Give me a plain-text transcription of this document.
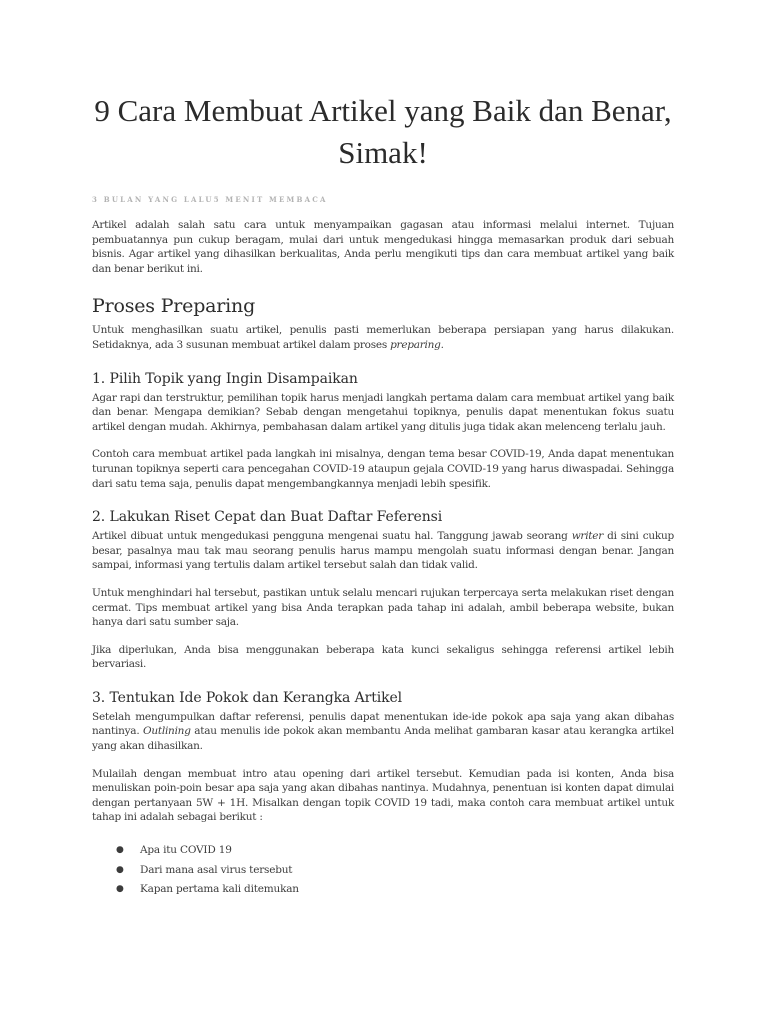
9 Cara Membuat Artikel yang Baik dan Benar, Simak!
3 BULAN YANG LALU5 MENIT MEMBACA

Artikel adalah salah satu cara untuk menyampaikan gagasan atau informasi melalui internet. Tujuan pembuatannya pun cukup beragam, mulai dari untuk mengedukasi hingga memasarkan produk dari sebuah bisnis. Agar artikel yang dihasilkan berkualitas, Anda perlu mengikuti tips dan cara membuat artikel yang baik dan benar berikut ini.

Proses Preparing

Untuk menghasilkan suatu artikel, penulis pasti memerlukan beberapa persiapan yang harus dilakukan. Setidaknya, ada 3 susunan membuat artikel dalam proses preparing.

1. Pilih Topik yang Ingin Disampaikan

Agar rapi dan terstruktur, pemilihan topik harus menjadi langkah pertama dalam cara membuat artikel yang baik dan benar. Mengapa demikian? Sebab dengan mengetahui topiknya, penulis dapat menentukan fokus suatu artikel dengan mudah. Akhirnya, pembahasan dalam artikel yang ditulis juga tidak akan melenceng terlalu jauh.

Contoh cara membuat artikel pada langkah ini misalnya, dengan tema besar COVID-19, Anda dapat menentukan turunan topiknya seperti cara pencegahan COVID-19 ataupun gejala COVID-19 yang harus diwaspadai. Sehingga dari satu tema saja, penulis dapat mengembangkannya menjadi lebih spesifik.

2. Lakukan Riset Cepat dan Buat Daftar Feferensi

Artikel dibuat untuk mengedukasi pengguna mengenai suatu hal. Tanggung jawab seorang writer di sini cukup besar, pasalnya mau tak mau seorang penulis harus mampu mengolah suatu informasi dengan benar. Jangan sampai, informasi yang tertulis dalam artikel tersebut salah dan tidak valid.

Untuk menghindari hal tersebut, pastikan untuk selalu mencari rujukan terpercaya serta melakukan riset dengan cermat. Tips membuat artikel yang bisa Anda terapkan pada tahap ini adalah, ambil beberapa website, bukan hanya dari satu sumber saja.

Jika diperlukan, Anda bisa menggunakan beberapa kata kunci sekaligus sehingga referensi artikel lebih bervariasi.

3. Tentukan Ide Pokok dan Kerangka Artikel

Setelah mengumpulkan daftar referensi, penulis dapat menentukan ide-ide pokok apa saja yang akan dibahas nantinya. Outlining atau menulis ide pokok akan membantu Anda melihat gambaran kasar atau kerangka artikel yang akan dihasilkan.

Mulailah dengan membuat intro atau opening dari artikel tersebut. Kemudian pada isi konten, Anda bisa menuliskan poin-poin besar apa saja yang akan dibahas nantinya. Mudahnya, penentuan isi konten dapat dimulai dengan pertanyaan 5W + 1H. Misalkan dengan topik COVID 19 tadi, maka contoh cara membuat artikel untuk tahap ini adalah sebagai berikut :

● Apa itu COVID 19
● Dari mana asal virus tersebut
● Kapan pertama kali ditemukan
